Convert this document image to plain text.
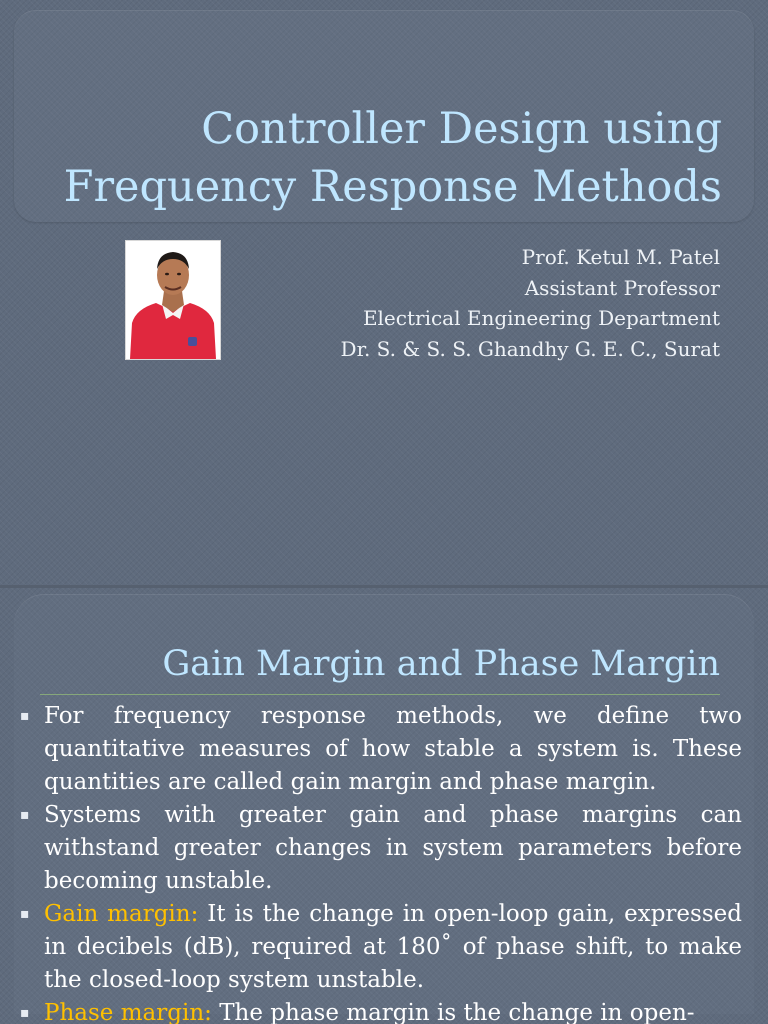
Controller Design using
Frequency Response Methods
Prof. Ketul M. Patel
Assistant Professor
Electrical Engineering Department
Dr. S. & S. S. Ghandhy G. E. C., Surat
Gain Margin and Phase Margin
▪ For frequency response methods, we define two quantitative measures of how stable a system is. These quantities are called gain margin and phase margin.
▪ Systems with greater gain and phase margins can withstand greater changes in system parameters before becoming unstable.
▪ Gain margin: It is the change in open-loop gain, expressed in decibels (dB), required at 180˚ of phase shift, to make the closed-loop system unstable.
▪ Phase margin: The phase margin is the change in open-
